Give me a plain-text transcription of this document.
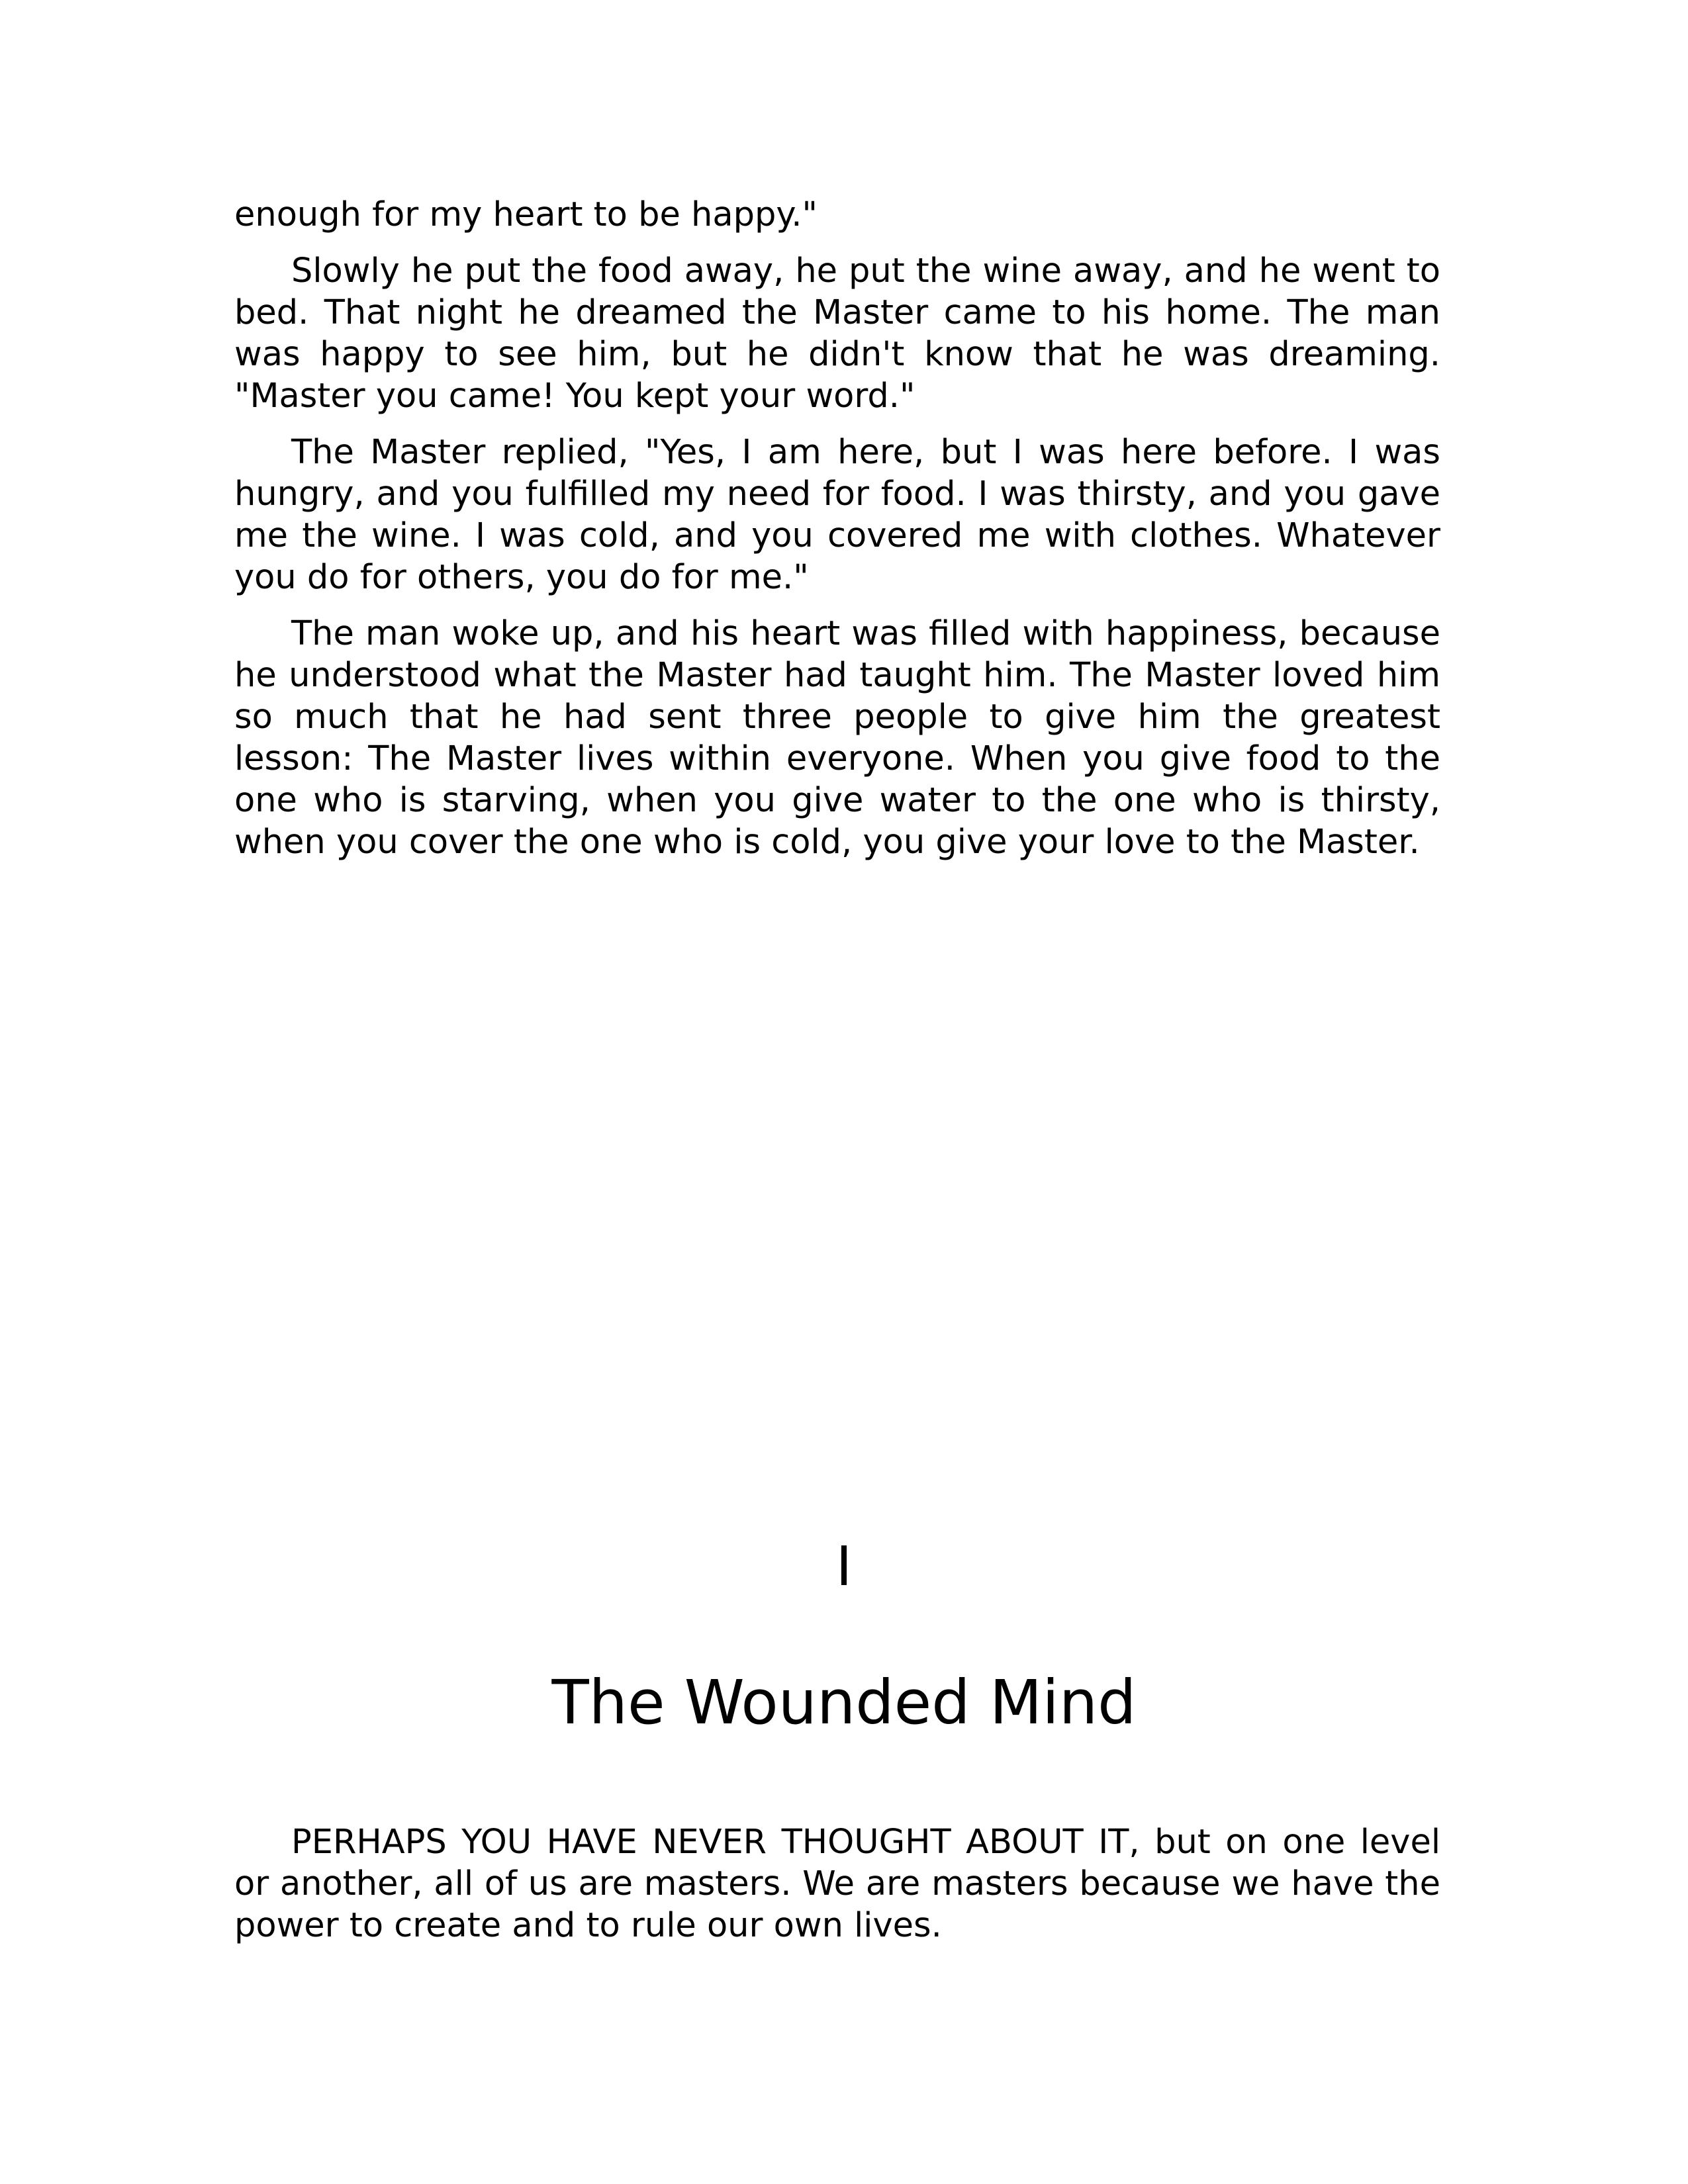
enough for my heart to be happy."

Slowly he put the food away, he put the wine away, and he went to bed. That night he dreamed the Master came to his home. The man was happy to see him, but he didn't know that he was dreaming. "Master you came! You kept your word."

The Master replied, "Yes, I am here, but I was here before. I was hungry, and you fulfilled my need for food. I was thirsty, and you gave me the wine. I was cold, and you covered me with clothes. Whatever you do for others, you do for me."

The man woke up, and his heart was filled with happiness, because he understood what the Master had taught him. The Master loved him so much that he had sent three people to give him the greatest lesson: The Master lives within everyone. When you give food to the one who is starving, when you give water to the one who is thirsty, when you cover the one who is cold, you give your love to the Master.

I
The Wounded Mind

PERHAPS YOU HAVE NEVER THOUGHT ABOUT IT, but on one level or another, all of us are masters. We are masters because we have the power to create and to rule our own lives.
